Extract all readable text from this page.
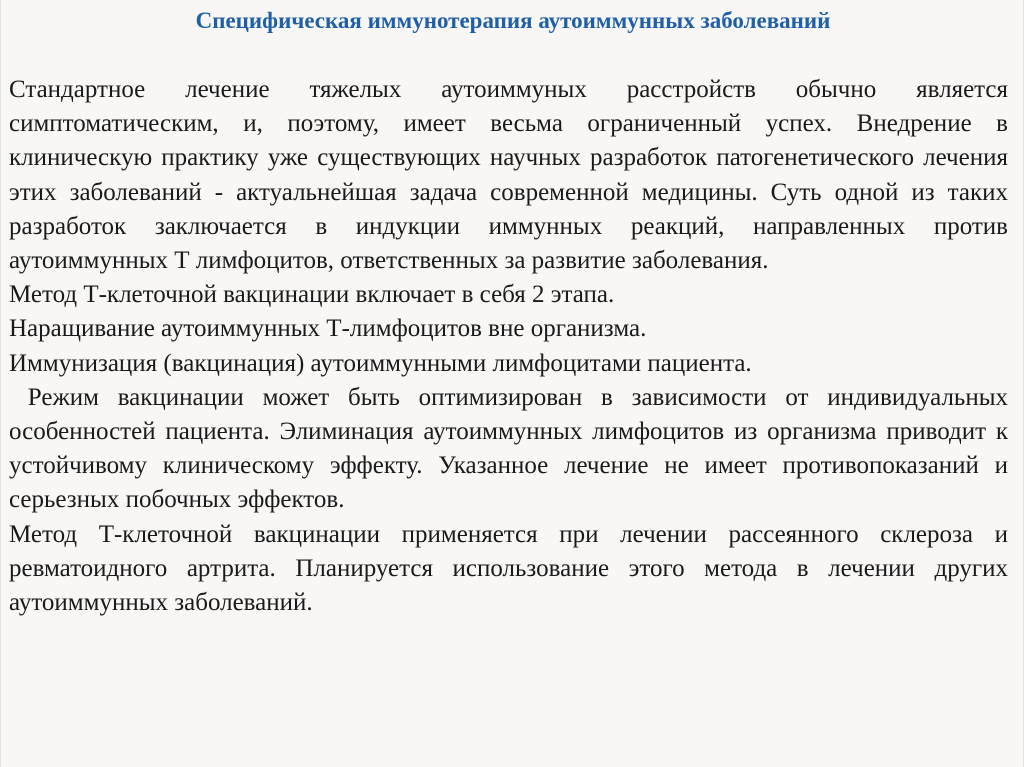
Специфическая иммунотерапия аутоиммунных заболеваний

Стандартное лечение тяжелых аутоиммуных расстройств обычно является симптоматическим, и, поэтому, имеет весьма ограниченный успех. Внедрение в клиническую практику уже существующих научных разработок патогенетического лечения этих заболеваний - актуальнейшая задача современной медицины. Суть одной из таких разработок заключается в индукции иммунных реакций, направленных против аутоиммунных Т лимфоцитов, ответственных за развитие заболевания.

Метод Т-клеточной вакцинации включает в себя 2 этапа.

Наращивание аутоиммунных Т-лимфоцитов вне организма.

Иммунизация (вакцинация) аутоиммунными лимфоцитами пациента.

Режим вакцинации может быть оптимизирован в зависимости от индивидуальных особенностей пациента. Элиминация аутоиммунных лимфоцитов из организма приводит к устойчивому клиническому эффекту. Указанное лечение не имеет противопоказаний и серьезных побочных эффектов.

Метод Т-клеточной вакцинации применяется при лечении рассеянного склероза и ревматоидного артрита. Планируется использование этого метода в лечении других аутоиммунных заболеваний.
